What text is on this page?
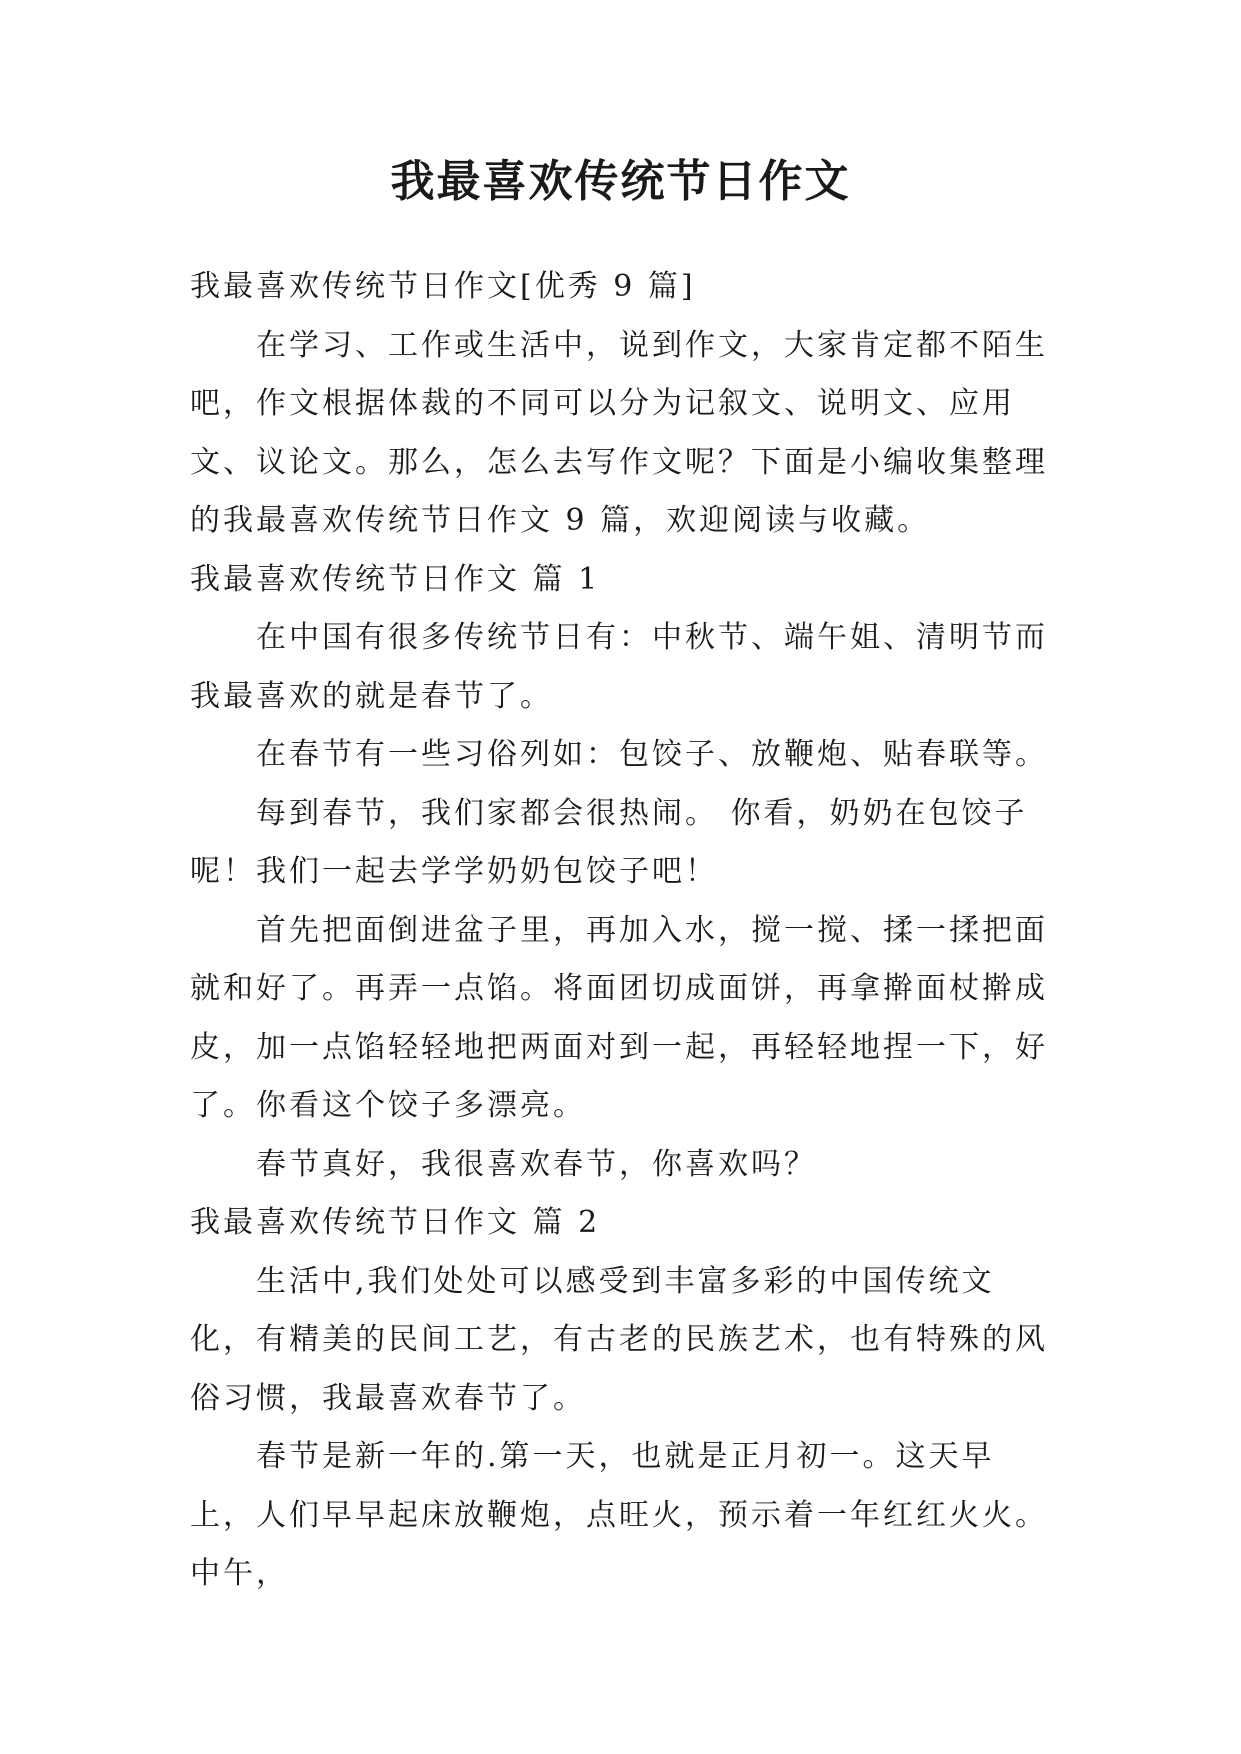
我最喜欢传统节日作文

我最喜欢传统节日作文[优秀 9 篇]

在学习、工作或生活中，说到作文，大家肯定都不陌生吧，作文根据体裁的不同可以分为记叙文、说明文、应用文、议论文。那么，怎么去写作文呢？下面是小编收集整理的我最喜欢传统节日作文 9 篇，欢迎阅读与收藏。

我最喜欢传统节日作文 篇 1

在中国有很多传统节日有：中秋节、端午姐、清明节而我最喜欢的就是春节了。

在春节有一些习俗列如：包饺子、放鞭炮、贴春联等。

每到春节，我们家都会很热闹。 你看，奶奶在包饺子呢！我们一起去学学奶奶包饺子吧！

首先把面倒进盆子里，再加入水，搅一搅、揉一揉把面就和好了。再弄一点馅。将面团切成面饼，再拿擀面杖擀成皮，加一点馅轻轻地把两面对到一起，再轻轻地捏一下，好了。你看这个饺子多漂亮。

春节真好，我很喜欢春节，你喜欢吗？

我最喜欢传统节日作文 篇 2

生活中,我们处处可以感受到丰富多彩的中国传统文化，有精美的民间工艺，有古老的民族艺术，也有特殊的风俗习惯，我最喜欢春节了。

春节是新一年的.第一天，也就是正月初一。这天早上，人们早早起床放鞭炮，点旺火，预示着一年红红火火。中午，
